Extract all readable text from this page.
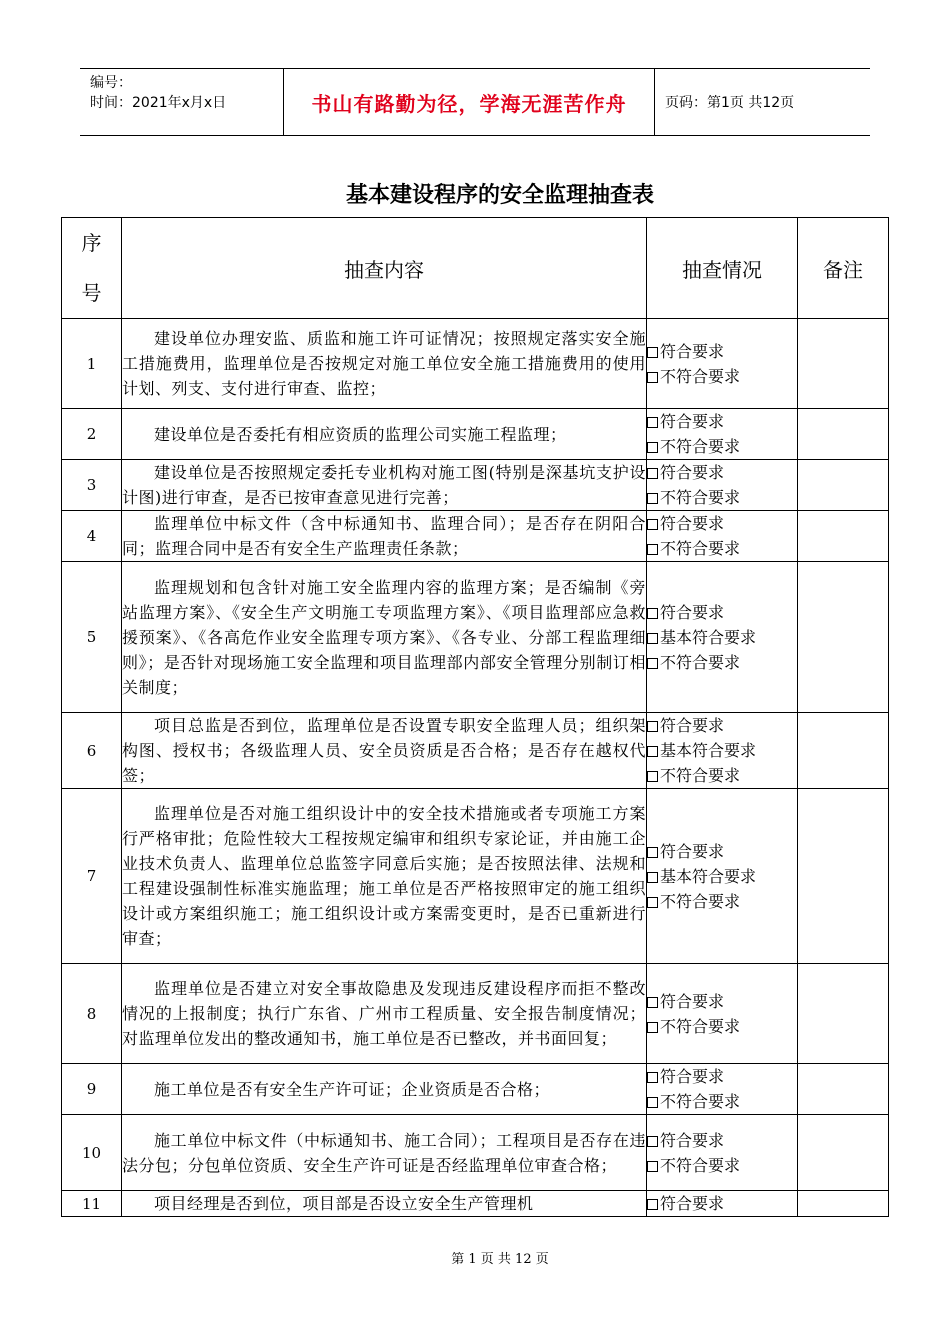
编号：
时间：2021年x月x日	书山有路勤为径，学海无涯苦作舟	页码：第1页 共12页
基本建设程序的安全监理抽查表
序
号	抽查内容	抽查情况	备注
1	建设单位办理安监、质监和施工许可证情况；按照规定落实安全施工措施费用，监理单位是否按规定对施工单位安全施工措施费用的使用计划、列支、支付进行审查、监控；	符合要求
不符合要求	

2	建设单位是否委托有相应资质的监理公司实施工程监理；	符合要求
不符合要求	

3	建设单位是否按照规定委托专业机构对施工图(特别是深基坑支护设计图)进行审查，是否已按审查意见进行完善；	符合要求
不符合要求	

4	监理单位中标文件（含中标通知书、监理合同）；是否存在阴阳合同；监理合同中是否有安全生产监理责任条款；	符合要求
不符合要求	

5	监理规划和包含针对施工安全监理内容的监理方案；是否编制《旁站监理方案》、《安全生产文明施工专项监理方案》、《项目监理部应急救援预案》、《各高危作业安全监理专项方案》、《各专业、分部工程监理细则》；是否针对现场施工安全监理和项目监理部内部安全管理分别制订相关制度；	符合要求
基本符合要求
不符合要求	

6	项目总监是否到位，监理单位是否设置专职安全监理人员；组织架构图、授权书；各级监理人员、安全员资质是否合格；是否存在越权代签；	符合要求
基本符合要求
不符合要求	

7	监理单位是否对施工组织设计中的安全技术措施或者专项施工方案行严格审批；危险性较大工程按规定编审和组织专家论证，并由施工企业技术负责人、监理单位总监签字同意后实施；是否按照法律、法规和工程建设强制性标准实施监理；施工单位是否严格按照审定的施工组织设计或方案组织施工；施工组织设计或方案需变更时，是否已重新进行审查；	符合要求
基本符合要求
不符合要求	

8	监理单位是否建立对安全事故隐患及发现违反建设程序而拒不整改情况的上报制度；执行广东省、广州市工程质量、安全报告制度情况；对监理单位发出的整改通知书，施工单位是否已整改，并书面回复；	符合要求
不符合要求	

9	施工单位是否有安全生产许可证；企业资质是否合格；	符合要求
不符合要求	

10	施工单位中标文件（中标通知书、施工合同）；工程项目是否存在违法分包；分包单位资质、安全生产许可证是否经监理单位审查合格；	符合要求
不符合要求	

11	项目经理是否到位，项目部是否设立安全生产管理机	符合要求	

第 1 页 共 12 页
